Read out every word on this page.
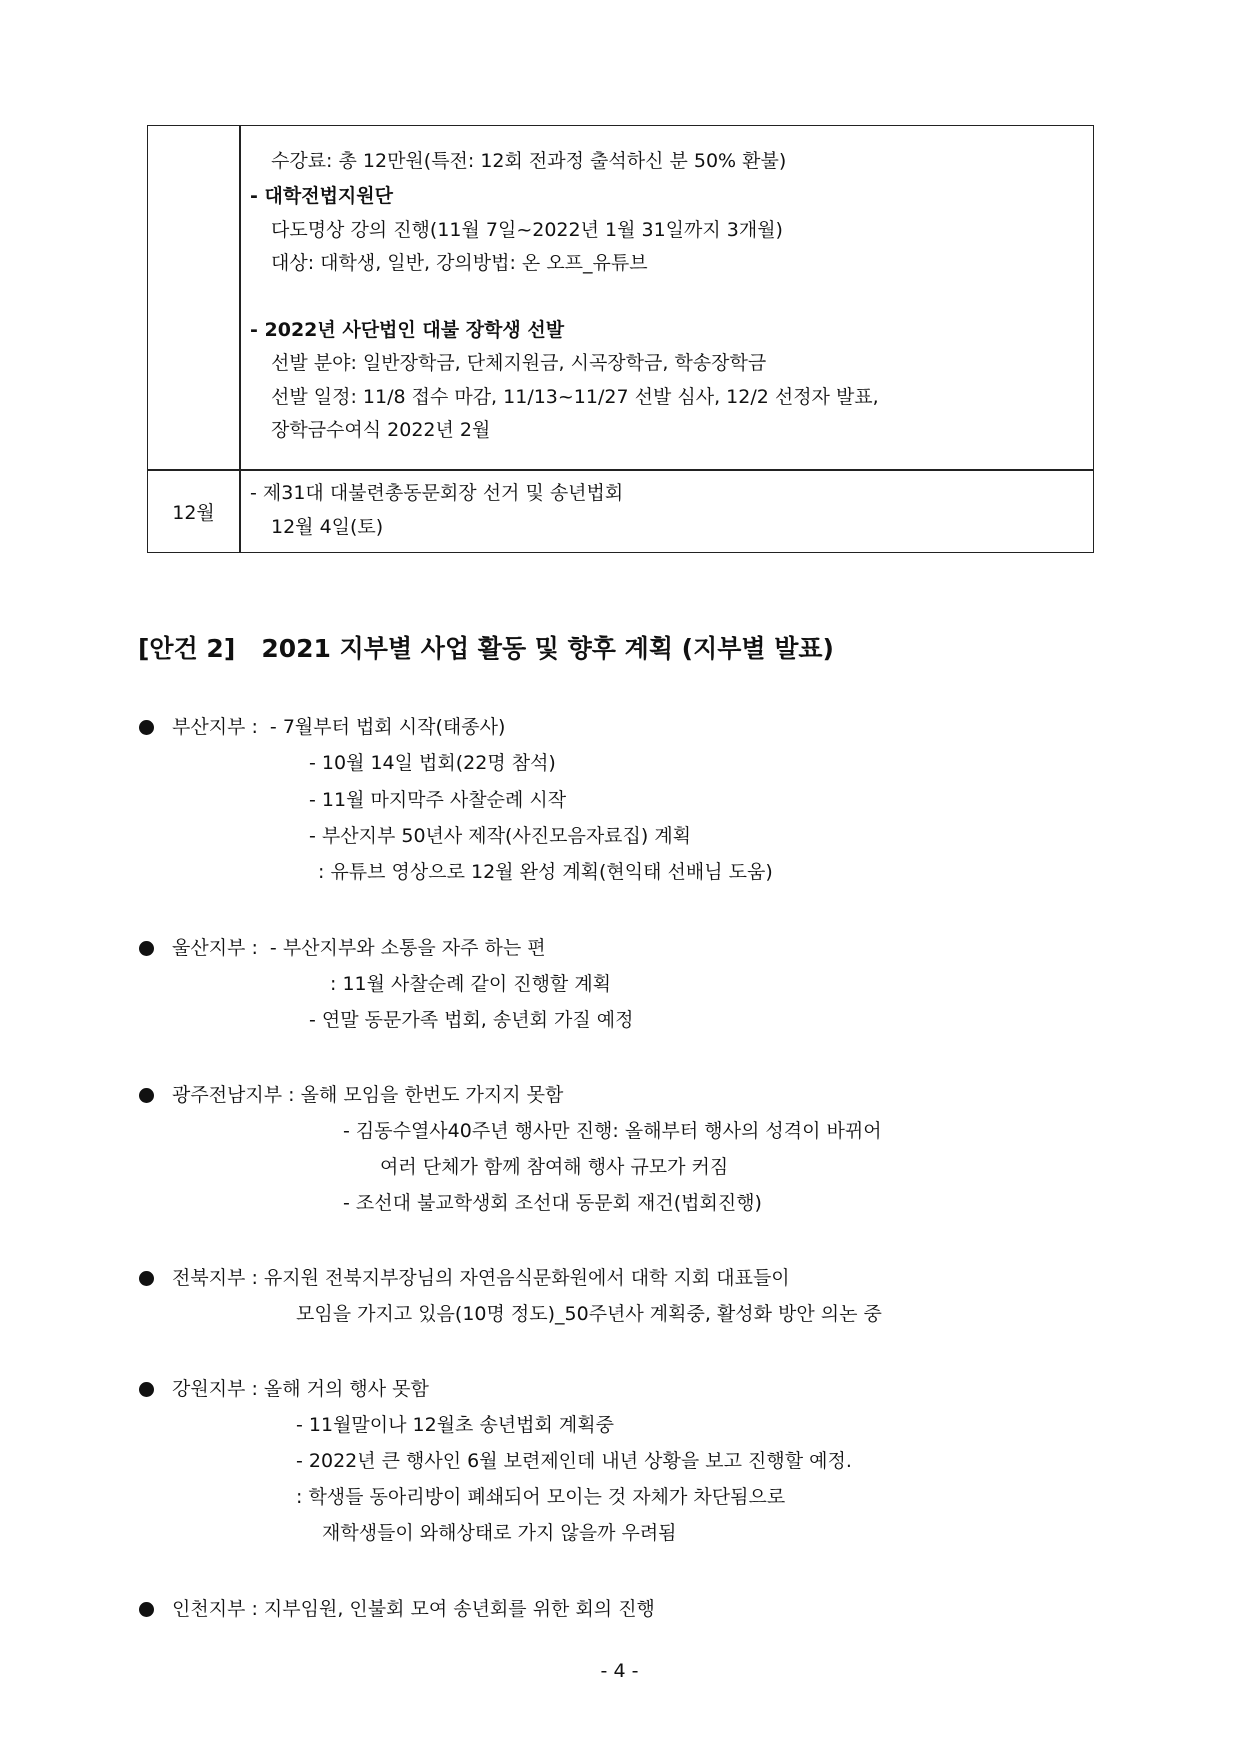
12월
수강료: 총 12만원(특전: 12회 전과정 출석하신 분 50% 환불)
- 대학전법지원단
다도명상 강의 진행(11월 7일~2022년 1월 31일까지 3개월)
대상: 대학생, 일반, 강의방법: 온 오프_유튜브
- 2022년 사단법인 대불 장학생 선발
선발 분야: 일반장학금, 단체지원금, 시곡장학금, 학송장학금
선발 일정: 11/8 접수 마감, 11/13~11/27 선발 심사, 12/2 선정자 발표,
장학금수여식 2022년 2월
- 제31대 대불련총동문회장 선거 및 송년법회
12월 4일(토)
[안건 2]   2021 지부별 사업 활동 및 향후 계획 (지부별 발표)
부산지부 :  - 7월부터 법회 시작(태종사)
- 10월 14일 법회(22명 참석)
- 11월 마지막주 사찰순례 시작
- 부산지부 50년사 제작(사진모음자료집) 계획
: 유튜브 영상으로 12월 완성 계획(현익태 선배님 도움)
울산지부 :  - 부산지부와 소통을 자주 하는 편
: 11월 사찰순례 같이 진행할 계획
- 연말 동문가족 법회, 송년회 가질 예정
광주전남지부 : 올해 모임을 한번도 가지지 못함
- 김동수열사40주년 행사만 진행: 올해부터 행사의 성격이 바뀌어
여러 단체가 함께 참여해 행사 규모가 커짐
- 조선대 불교학생회 조선대 동문회 재건(법회진행)
전북지부 : 유지원 전북지부장님의 자연음식문화원에서 대학 지회 대표들이
모임을 가지고 있음(10명 정도)_50주년사 계획중, 활성화 방안 의논 중
강원지부 : 올해 거의 행사 못함
- 11월말이나 12월초 송년법회 계획중
- 2022년 큰 행사인 6월 보련제인데 내년 상황을 보고 진행할 예정.
: 학생들 동아리방이 폐쇄되어 모이는 것 자체가 차단됨으로
재학생들이 와해상태로 가지 않을까 우려됨
인천지부 : 지부임원, 인불회 모여 송년회를 위한 회의 진행
- 4 -
